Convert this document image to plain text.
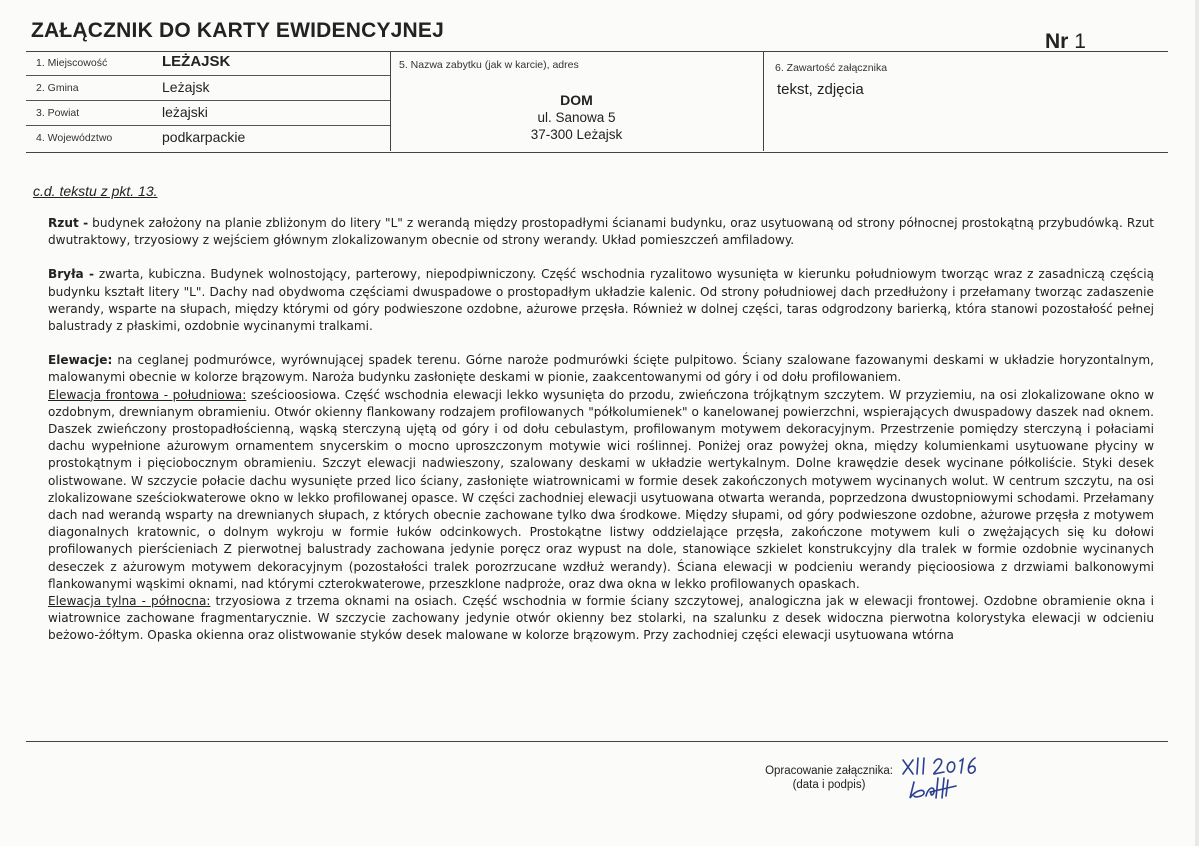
ZAŁĄCZNIK DO KARTY EWIDENCYJNEJ	Nr 1
1. Miejscowość	LEŻAJSK
2. Gmina	Leżajsk
3. Powiat	leżajski
4. Województwo	podkarpackie
5. Nazwa zabytku (jak w karcie), adres
DOM
ul. Sanowa 5
37-300 Leżajsk
6. Zawartość załącznika
tekst, zdjęcia
c.d. tekstu z pkt. 13.

Rzut - budynek założony na planie zbliżonym do litery "L" z werandą między prostopadłymi ścianami budynku, oraz usytuowaną od strony północnej prostokątną przybudówką. Rzut dwutraktowy, trzyosiowy z wejściem głównym zlokalizowanym obecnie od strony werandy. Układ pomieszczeń amfiladowy.

Bryła - zwarta, kubiczna. Budynek wolnostojący, parterowy, niepodpiwniczony. Część wschodnia ryzalitowo wysunięta w kierunku południowym tworząc wraz z zasadniczą częścią budynku kształt litery "L". Dachy nad obydwoma częściami dwuspadowe o prostopadłym układzie kalenic. Od strony południowej dach przedłużony i przełamany tworząc zadaszenie werandy, wsparte na słupach, między którymi od góry podwieszone ozdobne, ażurowe przęsła. Również w dolnej części, taras odgrodzony barierką, która stanowi pozostałość pełnej balustrady z płaskimi, ozdobnie wycinanymi tralkami.

Elewacje: na ceglanej podmurówce, wyrównującej spadek terenu. Górne naroże podmurówki ścięte pulpitowo. Ściany szalowane fazowanymi deskami w układzie horyzontalnym, malowanymi obecnie w kolorze brązowym. Naroża budynku zasłonięte deskami w pionie, zaakcentowanymi od góry i od dołu profilowaniem.

Elewacja frontowa - południowa: sześcioosiowa. Część wschodnia elewacji lekko wysunięta do przodu, zwieńczona trójkątnym szczytem. W przyziemiu, na osi zlokalizowane okno w ozdobnym, drewnianym obramieniu. Otwór okienny flankowany rodzajem profilowanych "półkolumienek" o kanelowanej powierzchni, wspierających dwuspadowy daszek nad oknem. Daszek zwieńczony prostopadłościenną, wąską sterczyną ujętą od góry i od dołu cebulastym, profilowanym motywem dekoracyjnym. Przestrzenie pomiędzy sterczyną i połaciami dachu wypełnione ażurowym ornamentem snycerskim o mocno uproszczonym motywie wici roślinnej. Poniżej oraz powyżej okna, między kolumienkami usytuowane płyciny w prostokątnym i pięciobocznym obramieniu. Szczyt elewacji nadwieszony, szalowany deskami w układzie wertykalnym. Dolne krawędzie desek wycinane półkoliście. Styki desek olistwowane. W szczycie połacie dachu wysunięte przed lico ściany, zasłonięte wiatrownicami w formie desek zakończonych motywem wycinanych wolut. W centrum szczytu, na osi zlokalizowane sześciokwaterowe okno w lekko profilowanej opasce. W części zachodniej elewacji usytuowana otwarta weranda, poprzedzona dwustopniowymi schodami. Przełamany dach nad werandą wsparty na drewnianych słupach, z których obecnie zachowane tylko dwa środkowe. Między słupami, od góry podwieszone ozdobne, ażurowe przęsła z motywem diagonalnych kratownic, o dolnym wykroju w formie łuków odcinkowych. Prostokątne listwy oddzielające przęsła, zakończone motywem kuli o zwężających się ku dołowi profilowanych pierścieniach Z pierwotnej balustrady zachowana jedynie poręcz oraz wypust na dole, stanowiące szkielet konstrukcyjny dla tralek w formie ozdobnie wycinanych deseczek z ażurowym motywem dekoracyjnym (pozostałości tralek porozrzucane wzdłuż werandy). Ściana elewacji w podcieniu werandy pięcioosiowa z drzwiami balkonowymi flankowanymi wąskimi oknami, nad którymi czterokwaterowe, przeszklone nadproże, oraz dwa okna w lekko profilowanych opaskach.

Elewacja tylna - północna: trzyosiowa z trzema oknami na osiach. Część wschodnia w formie ściany szczytowej, analogiczna jak w elewacji frontowej. Ozdobne obramienie okna i wiatrownice zachowane fragmentarycznie. W szczycie zachowany jedynie otwór okienny bez stolarki, na szalunku z desek widoczna pierwotna kolorystyka elewacji w odcieniu beżowo-żółtym. Opaska okienna oraz olistwowanie styków desek malowane w kolorze brązowym. Przy zachodniej części elewacji usytuowana wtórna

Opracowanie załącznika:
(data i podpis)
